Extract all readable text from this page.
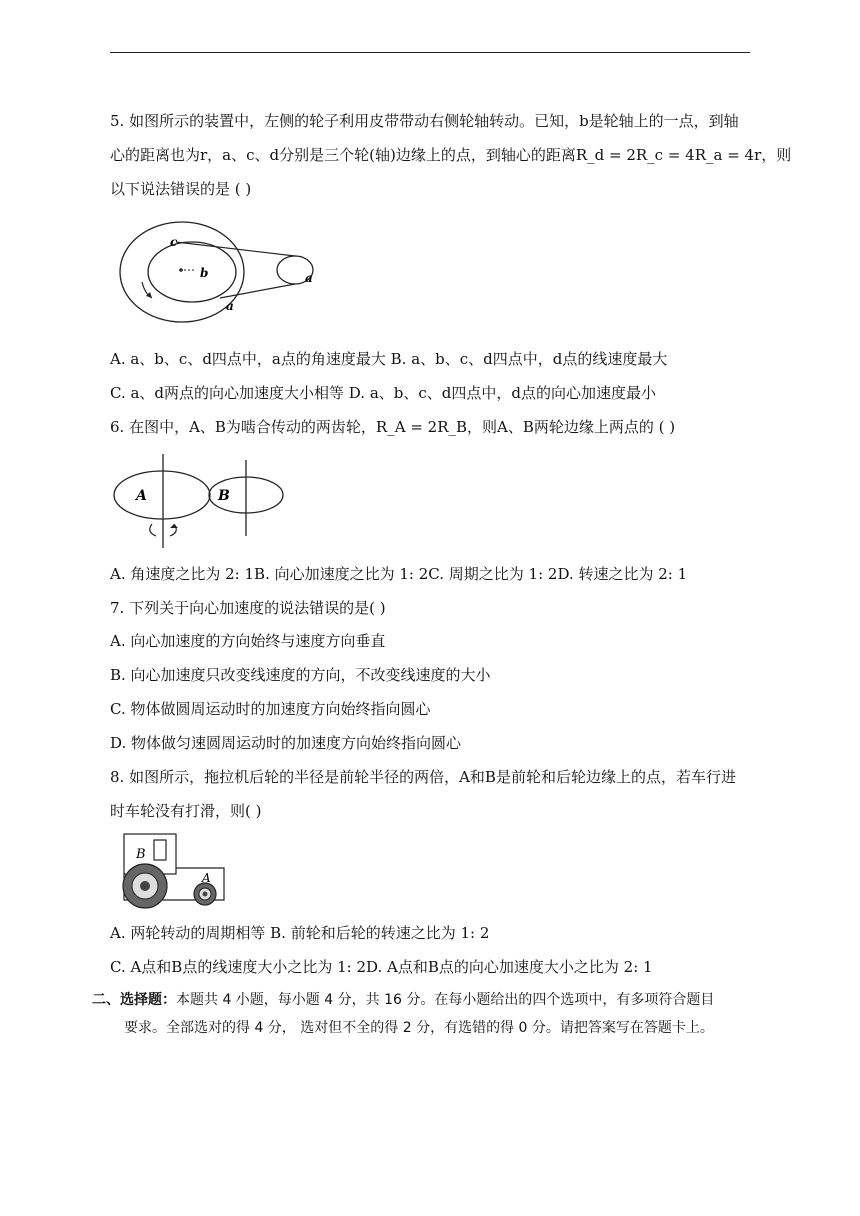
5. 如图所示的装置中，左侧的轮子利用皮带带动右侧轮轴转动。已知，b是轮轴上的一点，到轴
心的距离也为r，a、c、d分别是三个轮(轴)边缘上的点，到轴心的距离R_d = 2R_c = 4R_a = 4r，则
以下说法错误的是 ( )
c
b	a
a
A. a、b、c、d四点中，a点的角速度最大 B. a、b、c、d四点中，d点的线速度最大
C. a、d两点的向心加速度大小相等 D. a、b、c、d四点中，d点的向心加速度最小
6. 在图中，A、B为啮合传动的两齿轮，R_A = 2R_B，则A、B两轮边缘上两点的 ( )
A	B
A. 角速度之比为 2: 1B. 向心加速度之比为 1: 2C. 周期之比为 1: 2D. 转速之比为 2: 1
7. 下列关于向心加速度的说法错误的是( )
A. 向心加速度的方向始终与速度方向垂直
B. 向心加速度只改变线速度的方向，不改变线速度的大小
C. 物体做圆周运动时的加速度方向始终指向圆心
D. 物体做匀速圆周运动时的加速度方向始终指向圆心
8. 如图所示，拖拉机后轮的半径是前轮半径的两倍，A和B是前轮和后轮边缘上的点，若车行进
时车轮没有打滑，则( )
B
A
A. 两轮转动的周期相等 B. 前轮和后轮的转速之比为 1: 2
C. A点和B点的线速度大小之比为 1: 2D. A点和B点的向心加速度大小之比为 2: 1
二、选择题：本题共 4 小题，每小题 4 分，共 16 分。在每小题给出的四个选项中，有多项符合题目
要求。全部选对的得 4 分， 选对但不全的得 2 分，有选错的得 0 分。请把答案写在答题卡上。
